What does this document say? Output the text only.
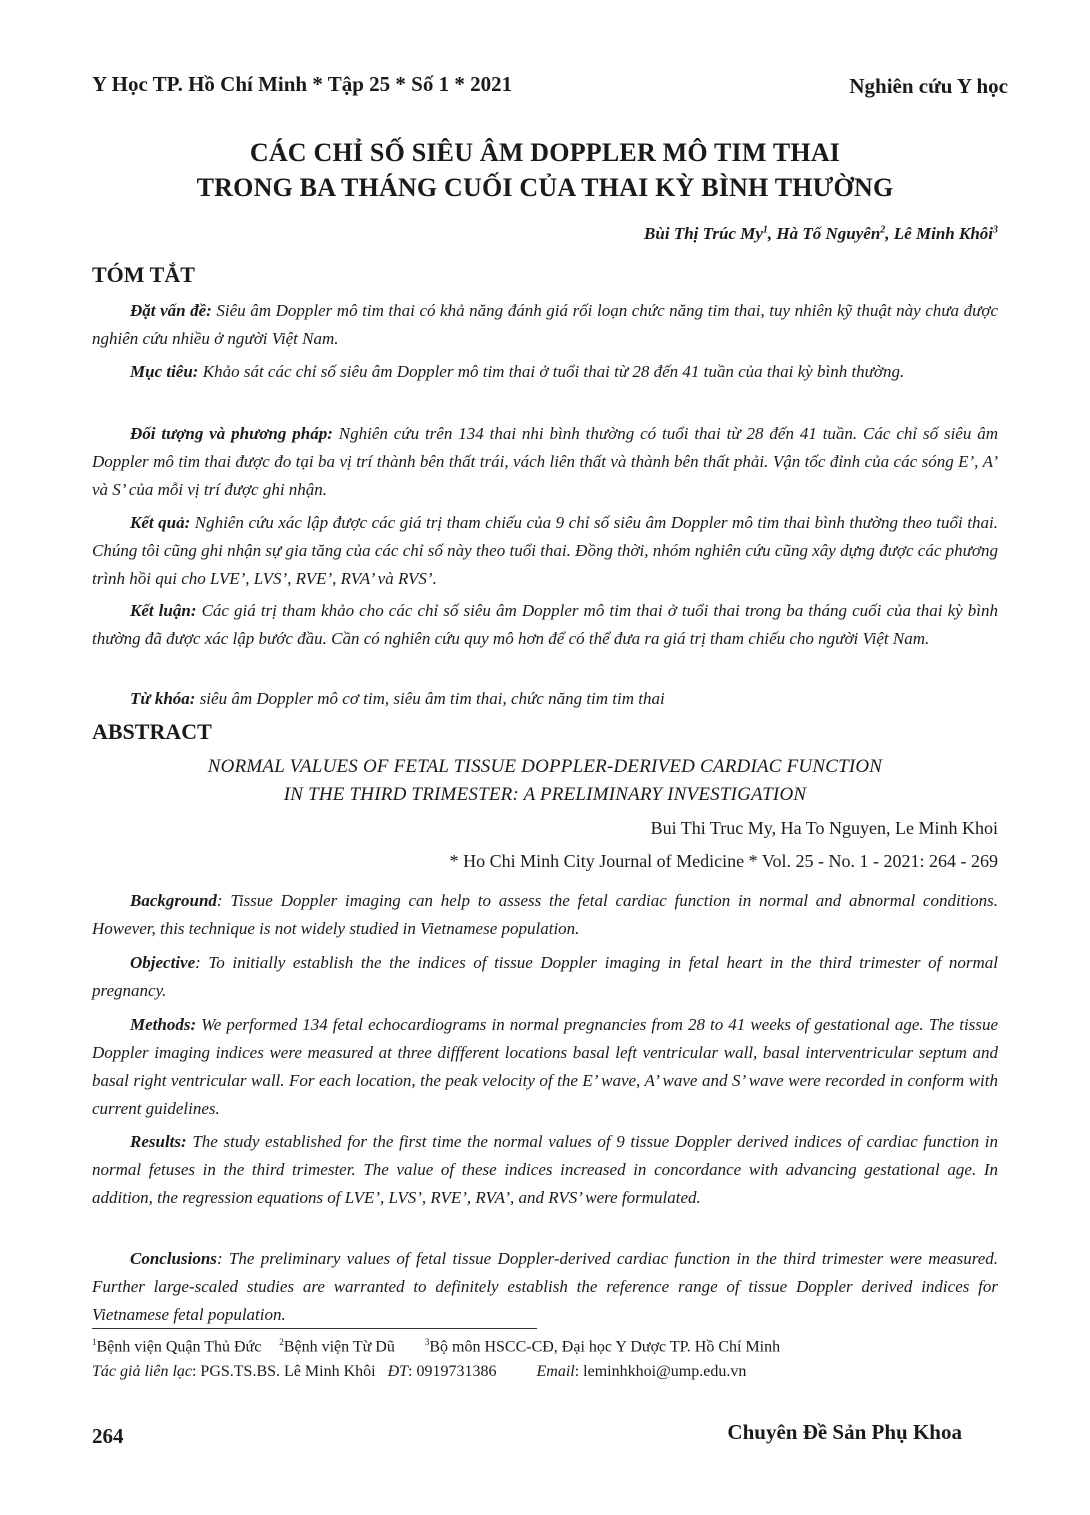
Y Học TP. Hồ Chí Minh * Tập 25 * Số 1 * 2021	Nghiên cứu Y học
CÁC CHỈ SỐ SIÊU ÂM DOPPLER MÔ TIM THAI
TRONG BA THÁNG CUỐI CỦA THAI KỲ BÌNH THƯỜNG
Bùi Thị Trúc My$^1$, Hà Tố Nguyên$^2$, Lê Minh Khôi$^3$
TÓM TẮT

Đặt vấn đề: Siêu âm Doppler mô tim thai có khả năng đánh giá rối loạn chức năng tim thai, tuy nhiên kỹ thuật này chưa được nghiên cứu nhiều ở người Việt Nam.

Mục tiêu: Khảo sát các chỉ số siêu âm Doppler mô tim thai ở tuổi thai từ 28 đến 41 tuần của thai kỳ bình thường.

Đối tượng và phương pháp: Nghiên cứu trên 134 thai nhi bình thường có tuổi thai từ 28 đến 41 tuần. Các chỉ số siêu âm Doppler mô tim thai được đo tại ba vị trí thành bên thất trái, vách liên thất và thành bên thất phải. Vận tốc đỉnh của các sóng E’, A’ và S’ của mỗi vị trí được ghi nhận.

Kết quả: Nghiên cứu xác lập được các giá trị tham chiếu của 9 chỉ số siêu âm Doppler mô tim thai bình thường theo tuổi thai. Chúng tôi cũng ghi nhận sự gia tăng của các chỉ số này theo tuổi thai. Đồng thời, nhóm nghiên cứu cũng xây dựng được các phương trình hồi qui cho LVE’, LVS’, RVE’, RVA’ và RVS’.

Kết luận: Các giá trị tham khảo cho các chỉ số siêu âm Doppler mô tim thai ở tuổi thai trong ba tháng cuối của thai kỳ bình thường đã được xác lập bước đầu. Cần có nghiên cứu quy mô hơn để có thể đưa ra giá trị tham chiếu cho người Việt Nam.

Từ khóa: siêu âm Doppler mô cơ tim, siêu âm tim thai, chức năng tim tim thai

ABSTRACT
NORMAL VALUES OF FETAL TISSUE DOPPLER-DERIVED CARDIAC FUNCTION
IN THE THIRD TRIMESTER: A PRELIMINARY INVESTIGATION
Bui Thi Truc My, Ha To Nguyen, Le Minh Khoi
* Ho Chi Minh City Journal of Medicine * Vol. 25 - No. 1 - 2021: 264 - 269

Background: Tissue Doppler imaging can help to assess the fetal cardiac function in normal and abnormal conditions. However, this technique is not widely studied in Vietnamese population.

Objective: To initially establish the the indices of tissue Doppler imaging in fetal heart in the third trimester of normal pregnancy.

Methods: We performed 134 fetal echocardiograms in normal pregnancies from 28 to 41 weeks of gestational age. The tissue Doppler imaging indices were measured at three diffferent locations basal left ventricular wall, basal interventricular septum and basal right ventricular wall. For each location, the peak velocity of the E’ wave, A’ wave and S’ wave were recorded in conform with current guidelines.

Results: The study established for the first time the normal values of 9 tissue Doppler derived indices of cardiac function in normal fetuses in the third trimester. The value of these indices increased in concordance with advancing gestational age. In addition, the regression equations of LVE’, LVS’, RVE’, RVA’, and RVS’ were formulated.

Conclusions: The preliminary values of fetal tissue Doppler-derived cardiac function in the third trimester were measured. Further large-scaled studies are warranted to definitely establish the reference range of tissue Doppler derived indices for Vietnamese fetal population.

$^1$Bệnh viện Quận Thủ Đức $^2$Bệnh viện Từ Dũ	$^3$Bộ môn HSCC-CĐ, Đại học Y Dược TP. Hồ Chí Minh
Tác giả liên lạc: PGS.TS.BS. Lê Minh Khôi ĐT: 0919731386	Email: leminhkhoi@ump.edu.vn
264	Chuyên Đề Sản Phụ Khoa
